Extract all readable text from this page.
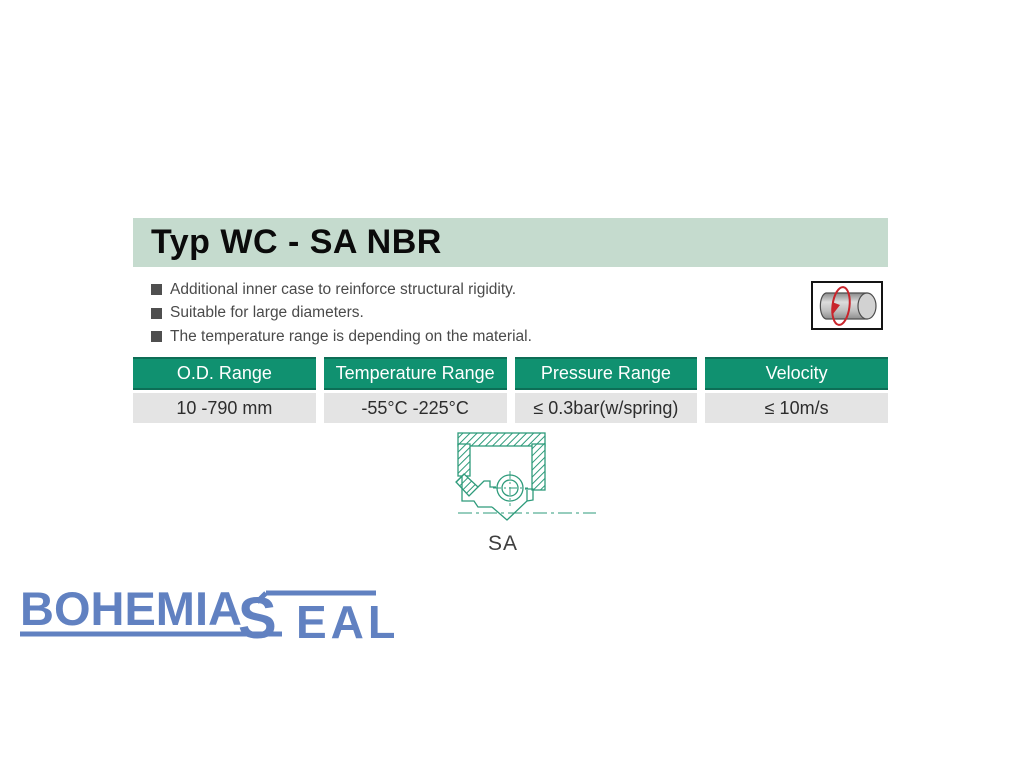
Typ WC - SA NBR
Additional inner case to reinforce structural rigidity.
Suitable for large diameters.
The temperature range is depending on the material.
O.D. Range	Temperature Range	Pressure Range	Velocity
10 -790 mm	-55°C -225°C	≤ 0.3bar(w/spring)	≤ 10m/s
SA
BOHEMIA
S EAL
